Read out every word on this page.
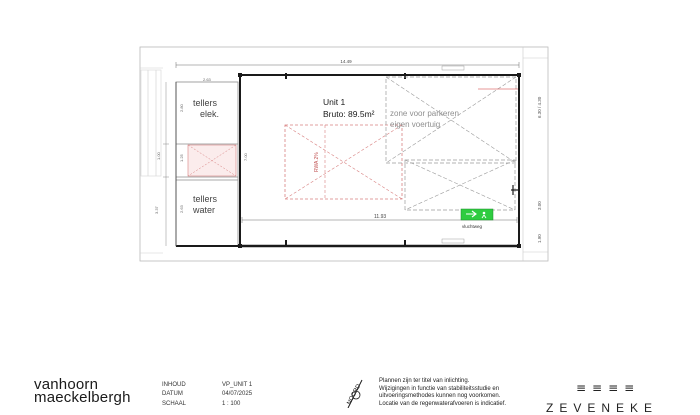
14.49
tellers
elek.
tellers
water
2.63
2.80
1.00	1.25
3.37	2.63
7.00	RWA 2%
zone voor parkeren
eigen voertuig
Unit 1
Bruto: 89.5m²
11.93
6.30 / 4.30
3.00
1.90
vluchtweg
NOORD
vanhoorn
maeckelbergh
INHOUD	VP_UNIT 1
DATUM	04/07/2025
SCHAAL	1 : 100
Plannen zijn ter titel van inlichting.
Wijzigingen in functie van stabiliteitsstudie en
uitvoeringsmethodes kunnen nog voorkomen.
Locatie van de regenwaterafvoeren is indicatief.
≡≡≡≡
ZEVENEKE
